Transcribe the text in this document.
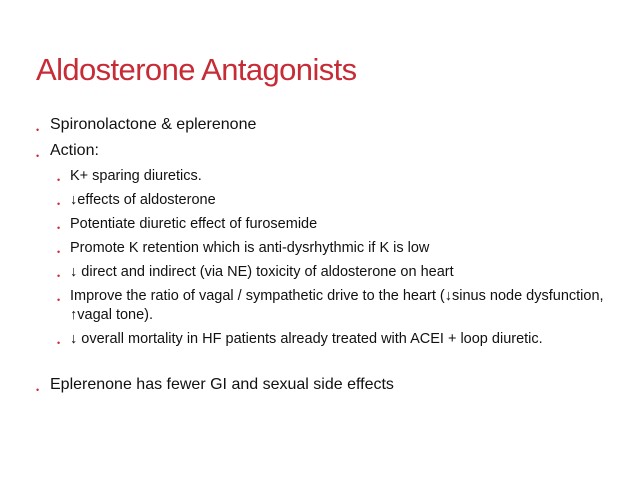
Aldosterone Antagonists
• Spironolactone & eplerenone
• Action:
• K+ sparing diuretics.
• ↓effects of aldosterone
• Potentiate diuretic effect of furosemide
• Promote K retention which is anti-dysrhythmic if K is low
• ↓ direct and indirect (via NE) toxicity of aldosterone on heart
• Improve the ratio of vagal / sympathetic drive to the heart (↓sinus node dysfunction, ↑vagal tone).
• ↓ overall mortality in HF patients already treated with ACEI + loop diuretic.
• Eplerenone has fewer GI and sexual side effects
